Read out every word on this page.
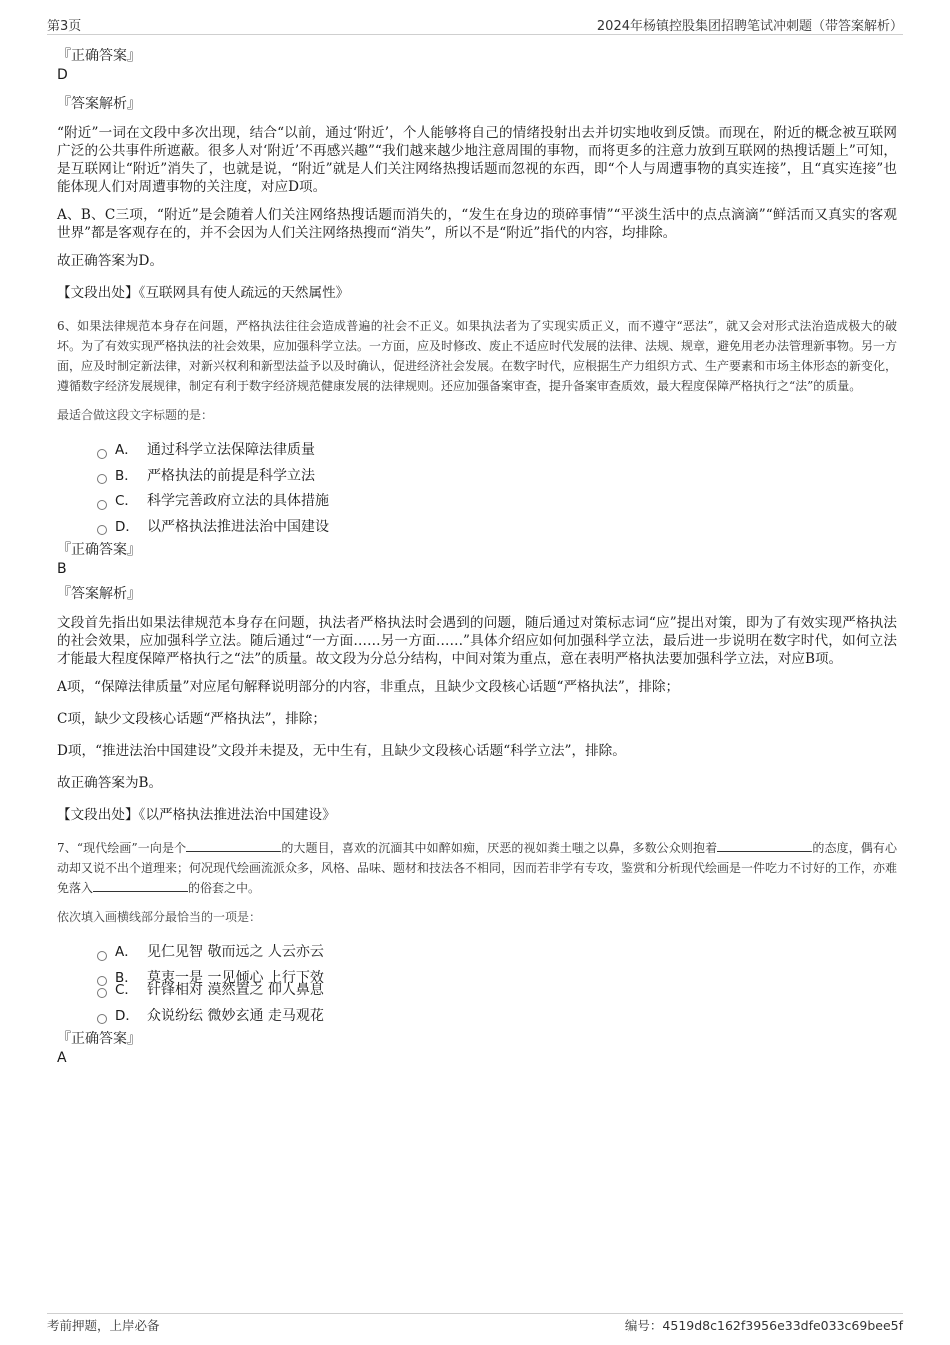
第3页	2024年杨镇控股集团招聘笔试冲刺题（带答案解析）

『正确答案』

D

『答案解析』

“附近”一词在文段中多次出现，结合“以前，通过‘附近’，个人能够将自己的情绪投射出去并切实地收到反馈。而现在，附近的概念被互联网广泛的公共事件所遮蔽。很多人对‘附近’不再感兴趣”“我们越来越少地注意周围的事物，而将更多的注意力放到互联网的热搜话题上”可知，是互联网让“附近”消失了，也就是说，“附近”就是人们关注网络热搜话题而忽视的东西，即“个人与周遭事物的真实连接”，且“真实连接”也能体现人们对周遭事物的关注度，对应D项。

A、B、C三项，“附近”是会随着人们关注网络热搜话题而消失的，“发生在身边的琐碎事情”“平淡生活中的点点滴滴”“鲜活而又真实的客观世界”都是客观存在的，并不会因为人们关注网络热搜而“消失”，所以不是“附近”指代的内容，均排除。

故正确答案为D。

【文段出处】《互联网具有使人疏远的天然属性》

6、如果法律规范本身存在问题，严格执法往往会造成普遍的社会不正义。如果执法者为了实现实质正义，而不遵守“恶法”，就又会对形式法治造成极大的破坏。为了有效实现严格执法的社会效果，应加强科学立法。一方面，应及时修改、废止不适应时代发展的法律、法规、规章，避免用老办法管理新事物。另一方面，应及时制定新法律，对新兴权利和新型法益予以及时确认，促进经济社会发展。在数字时代，应根据生产力组织方式、生产要素和市场主体形态的新变化，遵循数字经济发展规律，制定有利于数字经济规范健康发展的法律规则。还应加强备案审查，提升备案审查质效，最大程度保障严格执行之“法”的质量。

最适合做这段文字标题的是：

A． 通过科学立法保障法律质量
B． 严格执法的前提是科学立法
C． 科学完善政府立法的具体措施
D． 以严格执法推进法治中国建设

『正确答案』

B

『答案解析』

文段首先指出如果法律规范本身存在问题，执法者严格执法时会遇到的问题，随后通过对策标志词“应”提出对策，即为了有效实现严格执法的社会效果，应加强科学立法。随后通过“一方面……另一方面……”具体介绍应如何加强科学立法，最后进一步说明在数字时代，如何立法才能最大程度保障严格执行之“法”的质量。故文段为分总分结构，中间对策为重点，意在表明严格执法要加强科学立法，对应B项。

A项，“保障法律质量”对应尾句解释说明部分的内容，非重点，且缺少文段核心话题“严格执法”，排除；

C项，缺少文段核心话题“严格执法”，排除；

D项，“推进法治中国建设”文段并未提及，无中生有，且缺少文段核心话题“科学立法”，排除。

故正确答案为B。

【文段出处】《以严格执法推进法治中国建设》

7、“现代绘画”一向是个	的大题目，喜欢的沉湎其中如醉如痴，厌恶的视如粪土嗤之以鼻，多数公众则抱着	的态度，偶有心动却又说不出个道理来；何况现代绘画流派众多，风格、品味、题材和技法各不相同，因而若非学有专攻，鉴赏和分析现代绘画是一件吃力不讨好的工作，亦难免落入	的俗套之中。

依次填入画横线部分最恰当的一项是：

A． 见仁见智 敬而远之 人云亦云
B． 莫衷一是 一见倾心 上行下效
C． 针锋相对 漠然置之 仰人鼻息
D． 众说纷纭 微妙玄通 走马观花

『正确答案』

A

考前押题，上岸必备	编号：4519d8c162f3956e33dfe033c69bee5f
